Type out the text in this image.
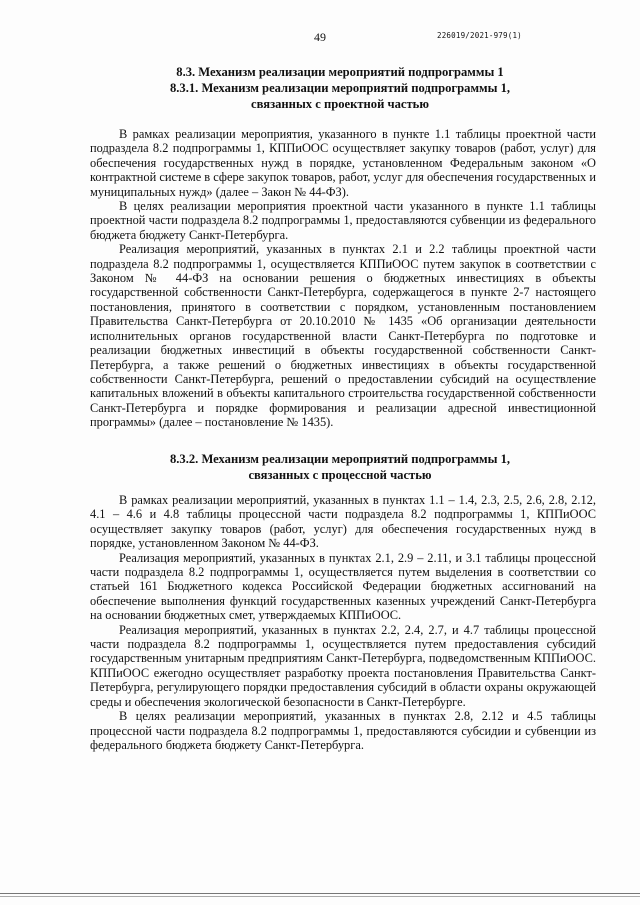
49	226019/2021-979(1)
8.3. Механизм реализации мероприятий подпрограммы 1
8.3.1. Механизм реализации мероприятий подпрограммы 1,
связанных с проектной частью

В рамках реализации мероприятия, указанного в пункте 1.1 таблицы проектной части подраздела 8.2 подпрограммы 1, КППиООС осуществляет закупку товаров (работ, услуг) для обеспечения государственных нужд в порядке, установленном Федеральным законом «О контрактной системе в сфере закупок товаров, работ, услуг для обеспечения государственных и муниципальных нужд» (далее – Закон № 44-ФЗ).

В целях реализации мероприятия проектной части указанного в пункте 1.1 таблицы проектной части подраздела 8.2 подпрограммы 1, предоставляются субвенции из федерального бюджета бюджету Санкт-Петербурга.

Реализация мероприятий, указанных в пунктах 2.1 и 2.2 таблицы проектной части подраздела 8.2 подпрограммы 1, осуществляется КППиООС путем закупок в соответствии с Законом № 44-ФЗ на основании решения о бюджетных инвестициях в объекты государственной собственности Санкт-Петербурга, содержащегося в пункте 2-7 настоящего постановления, принятого в соответствии с порядком, установленным постановлением Правительства Санкт-Петербурга от 20.10.2010 № 1435 «Об организации деятельности исполнительных органов государственной власти Санкт-Петербурга по подготовке и реализации бюджетных инвестиций в объекты государственной собственности Санкт-Петербурга, а также решений о бюджетных инвестициях в объекты государственной собственности Санкт-Петербурга, решений о предоставлении субсидий на осуществление капитальных вложений в объекты капитального строительства государственной собственности Санкт-Петербурга и порядке формирования и реализации адресной инвестиционной программы» (далее – постановление № 1435).

8.3.2. Механизм реализации мероприятий подпрограммы 1,
связанных с процессной частью

В рамках реализации мероприятий, указанных в пунктах 1.1 – 1.4, 2.3, 2.5, 2.6, 2.8, 2.12, 4.1 – 4.6 и 4.8 таблицы процессной части подраздела 8.2 подпрограммы 1, КППиООС осуществляет закупку товаров (работ, услуг) для обеспечения государственных нужд в порядке, установленном Законом № 44-ФЗ.

Реализация мероприятий, указанных в пунктах 2.1, 2.9 – 2.11, и 3.1 таблицы процессной части подраздела 8.2 подпрограммы 1, осуществляется путем выделения в соответствии со статьей 161 Бюджетного кодекса Российской Федерации бюджетных ассигнований на обеспечение выполнения функций государственных казенных учреждений Санкт-Петербурга на основании бюджетных смет, утверждаемых КППиООС.

Реализация мероприятий, указанных в пунктах 2.2, 2.4, 2.7, и 4.7 таблицы процессной части подраздела 8.2 подпрограммы 1, осуществляется путем предоставления субсидий государственным унитарным предприятиям Санкт-Петербурга, подведомственным КППиООС. КППиООС ежегодно осуществляет разработку проекта постановления Правительства Санкт-Петербурга, регулирующего порядки предоставления субсидий в области охраны окружающей среды и обеспечения экологической безопасности в Санкт-Петербурге.

В целях реализации мероприятий, указанных в пунктах 2.8, 2.12 и 4.5 таблицы процессной части подраздела 8.2 подпрограммы 1, предоставляются субсидии и субвенции из федерального бюджета бюджету Санкт-Петербурга.
